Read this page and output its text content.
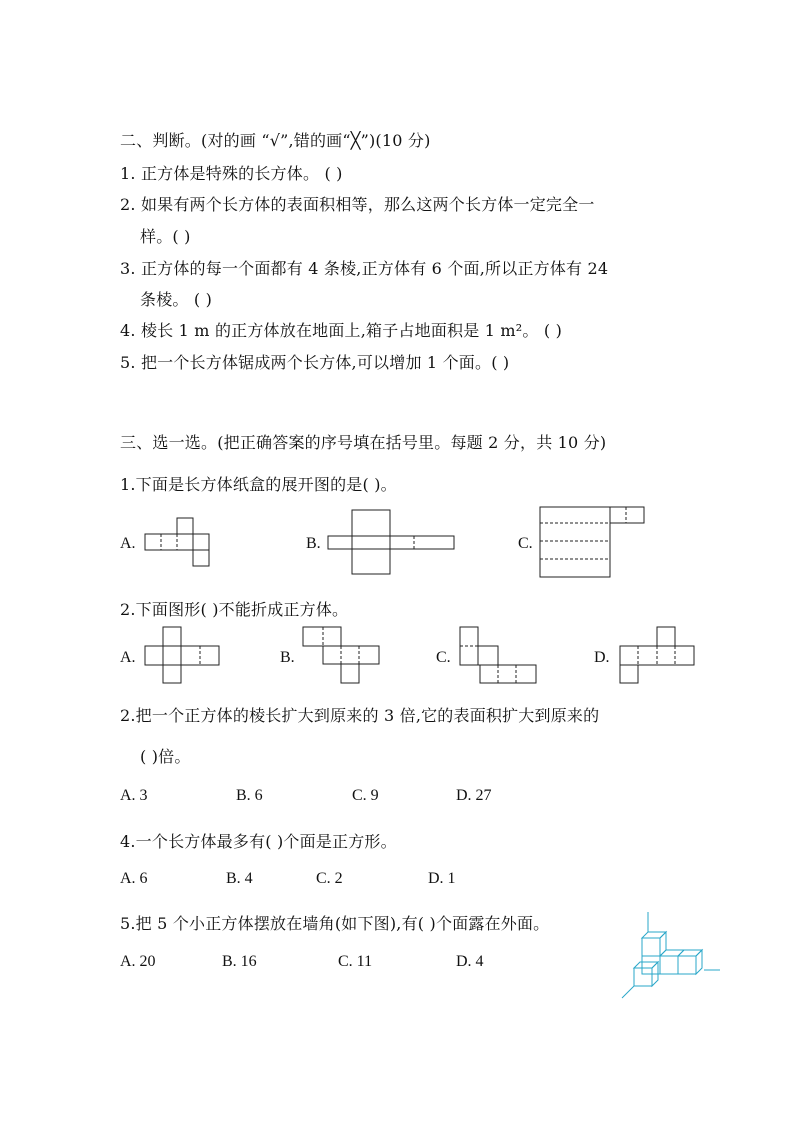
二、判断。(对的画 “√”,错的画“╳”)(10 分)
1. 正方体是特殊的长方体。 ( )
2. 如果有两个长方体的表面积相等，那么这两个长方体一定完全一
样。( )
3. 正方体的每一个面都有 4 条棱,正方体有 6 个面,所以正方体有 24
条棱。 ( )
4. 棱长 1 m 的正方体放在地面上,箱子占地面积是 1 m²。 ( )
5. 把一个长方体锯成两个长方体,可以增加 1 个面。( )
三、选一选。(把正确答案的序号填在括号里。每题 2 分，共 10 分)
1.下面是长方体纸盒的展开图的是( )。
A.	B.	C.
2.下面图形( )不能折成正方体。
A.	B.	C.	D.
2.把一个正方体的棱长扩大到原来的 3 倍,它的表面积扩大到原来的
( )倍。
A. 3	B. 6	C. 9	D. 27
4.一个长方体最多有( )个面是正方形。
A. 6	B. 4	C. 2	D. 1
5.把 5 个小正方体摆放在墙角(如下图),有( )个面露在外面。
A. 20	B. 16	C. 11	D. 4
